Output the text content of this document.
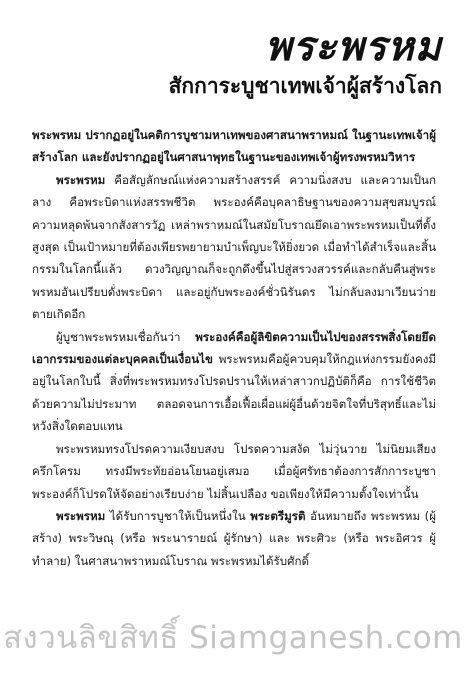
พระพรหม
สักการะบูชาเทพเจ้าผู้สร้างโลก

พระพรหม ปรากฏอยู่ในคติการบูชามหาเทพของศาสนาพราหมณ์ ในฐานะเทพเจ้าผู้สร้างโลก และยังปรากฏอยู่ในศาสนาพุทธในฐานะของเทพเจ้าผู้ทรงพรหมวิหาร

พระพรหม คือสัญลักษณ์แห่งความสร้างสรรค์ ความนิ่งสงบ และความเป็นกลาง คือพระบิดาแห่งสรรพชีวิต พระองค์คือบุคลาธิษฐานของความสุขสมบูรณ์ ความหลุดพ้นจากสังสารวัฏ เหล่าพราหมณ์ในสมัยโบราณยึดเอาพระพรหมเป็นที่ตั้งสูงสุด เป็นเป้าหมายที่ต้องเพียรพยายามบำเพ็ญบะให้ยิ่งยวด เมื่อทำได้สำเร็จและสิ้นกรรมในโลกนี้แล้ว ดวงวิญญาณก็จะถูกดึงขึ้นไปสู่สรวงสวรรค์และกลับคืนสู่พระพรหมอันเปรียบดั่งพระบิดา และอยู่กับพระองค์ชั่วนิรันดร ไม่กลับลงมาเวียนว่ายตายเกิดอีก

ผู้บูชาพระพรหมเชื่อกันว่า พระองค์คือผู้ลิขิตความเป็นไปของสรรพสิ่งโดยยึดเอากรรมของแต่ละบุคคลเป็นเงื่อนไข พระพรหมคือผู้ควบคุมให้กฎแห่งกรรมยังคงมีอยู่ในโลกใบนี้ สิ่งที่พระพรหมทรงโปรดปรานให้เหล่าสาวกปฏิบัติก็คือ การใช้ชีวิตด้วยความไม่ประมาท ตลอดจนการเอื้อเฟื้อเผื่อแผ่ผู้อื่นด้วยจิตใจที่บริสุทธิ์และไม่หวังสิ่งใดตอบแทน

พระพรหมทรงโปรดความเงียบสงบ โปรดความสงัด ไม่วุ่นวาย ไม่นิยมเสียงครึกโครม ทรงมีพระทัยอ่อนโยนอยู่เสมอ เมื่อผู้ศรัทธาต้องการสักการะบูชา พระองค์ก็โปรดให้จัดอย่างเรียบง่าย ไม่สิ้นเปลือง ขอเพียงให้มีความตั้งใจเท่านั้น

พระพรหม ได้รับการบูชาให้เป็นหนึ่งใน พระตรีมูรติ อันหมายถึง พระพรหม (ผู้สร้าง) พระวิษณุ (หรือ พระนารายณ์ ผู้รักษา) และ พระศิวะ (หรือ พระอิศวร ผู้ทำลาย) ในศาสนาพราหมณ์โบราณ พระพรหมได้รับศักดิ์

สงวนลิขสิทธิ์ Siamganesh.com
